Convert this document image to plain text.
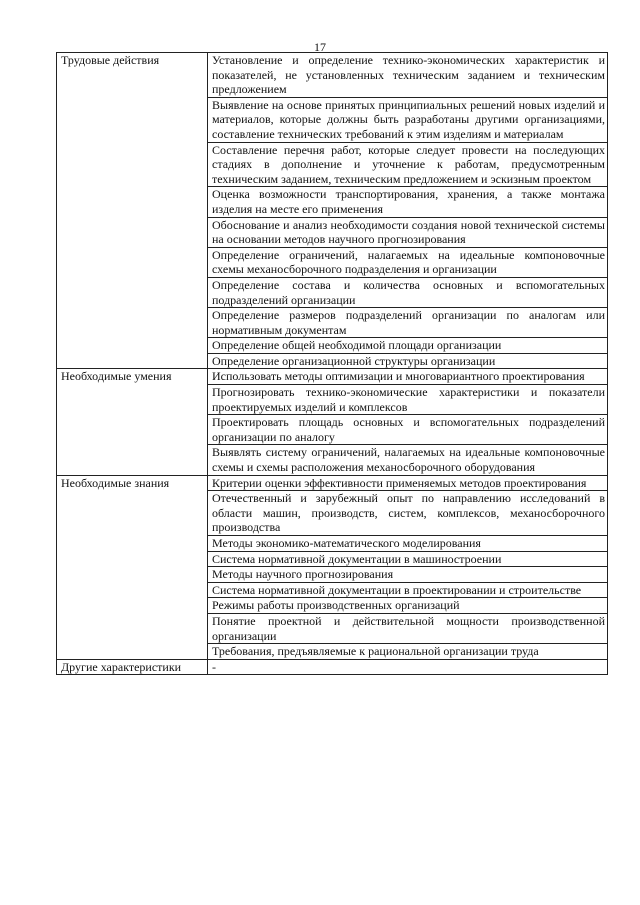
17
Трудовые действия	Установление и определение технико-экономических характеристик и показателей, не установленных техническим заданием и техническим предложением
	Выявление на основе принятых принципиальных решений новых изделий и материалов, которые должны быть разработаны другими организациями, составление технических требований к этим изделиям и материалам
	Составление перечня работ, которые следует провести на последующих стадиях в дополнение и уточнение к работам, предусмотренным техническим заданием, техническим предложением и эскизным проектом
	Оценка возможности транспортирования, хранения, а также монтажа изделия на месте его применения
	Обоснование и анализ необходимости создания новой технической системы на основании методов научного прогнозирования
	Определение ограничений, налагаемых на идеальные компоновочные схемы механосборочного подразделения и организации
	Определение состава и количества основных и вспомогательных подразделений организации
	Определение размеров подразделений организации по аналогам или нормативным документам
	Определение общей необходимой площади организации
	Определение организационной структуры организации
Необходимые умения	Использовать методы оптимизации и многовариантного проектирования
	Прогнозировать технико-экономические характеристики и показатели проектируемых изделий и комплексов
	Проектировать площадь основных и вспомогательных подразделений организации по аналогу
	Выявлять систему ограничений, налагаемых на идеальные компоновочные схемы и схемы расположения механосборочного оборудования
Необходимые знания	Критерии оценки эффективности применяемых методов проектирования
	Отечественный и зарубежный опыт по направлению исследований в области машин, производств, систем, комплексов, механосборочного производства
	Методы экономико-математического моделирования
	Система нормативной документации в машиностроении
	Методы научного прогнозирования
	Система нормативной документации в проектировании и строительстве
	Режимы работы производственных организаций
	Понятие проектной и действительной мощности производственной организации
	Требования, предъявляемые к рациональной организации труда
Другие характеристики	-
